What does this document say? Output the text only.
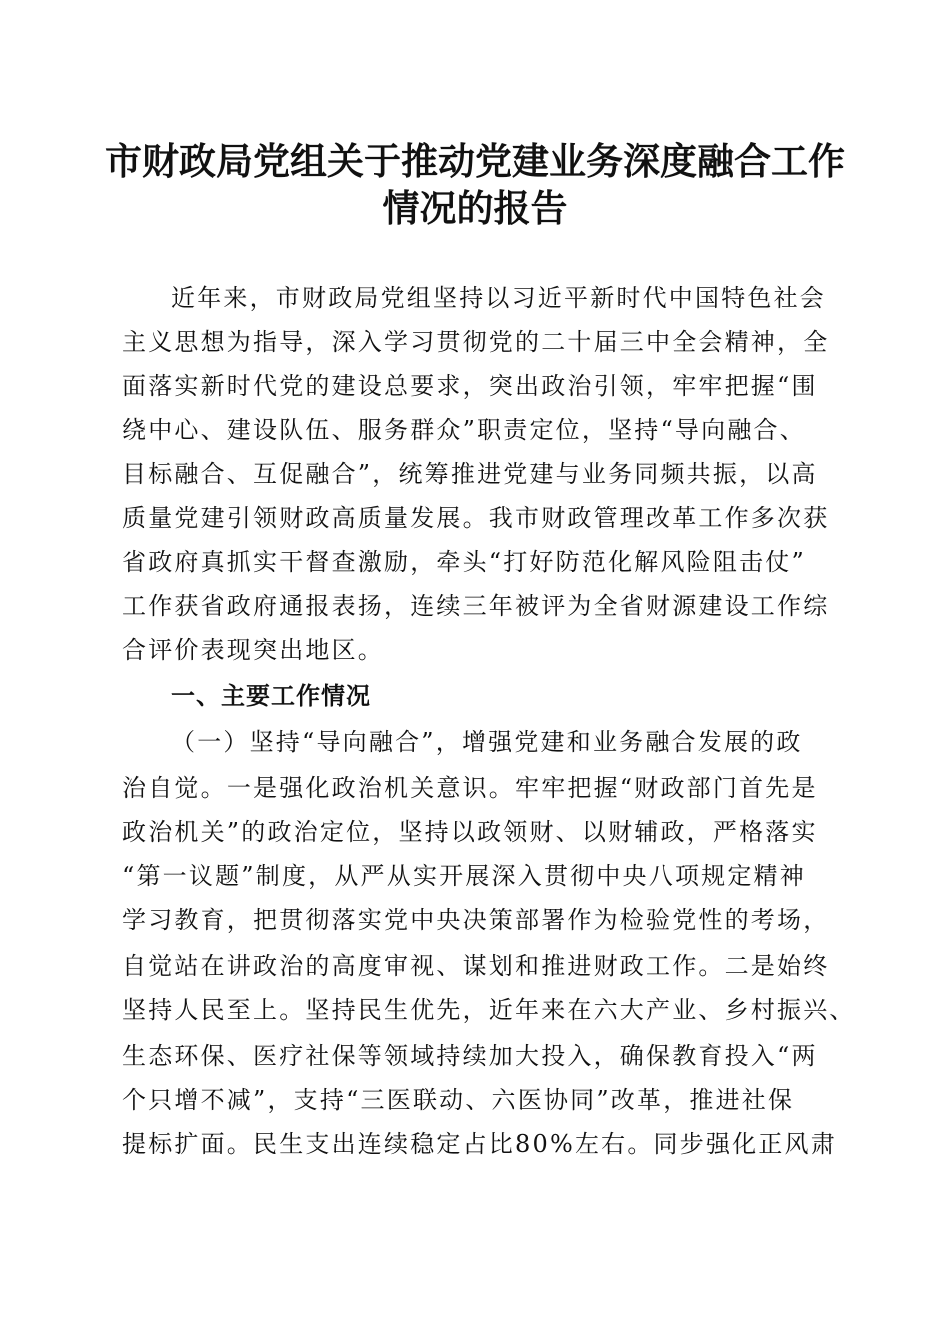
市财政局党组关于推动党建业务深度融合工作
情况的报告

近年来，市财政局党组坚持以习近平新时代中国特色社会

主义思想为指导，深入学习贯彻党的二十届三中全会精神，全

面落实新时代党的建设总要求，突出政治引领，牢牢把握“围

绕中心、建设队伍、服务群众”职责定位，坚持“导向融合、

目标融合、互促融合”，统筹推进党建与业务同频共振，以高

质量党建引领财政高质量发展。我市财政管理改革工作多次获

省政府真抓实干督查激励，牵头“打好防范化解风险阻击仗”

工作获省政府通报表扬，连续三年被评为全省财源建设工作综

合评价表现突出地区。

一、主要工作情况

（一）坚持“导向融合”，增强党建和业务融合发展的政

治自觉。一是强化政治机关意识。牢牢把握“财政部门首先是

政治机关”的政治定位，坚持以政领财、以财辅政，严格落实

“第一议题”制度，从严从实开展深入贯彻中央八项规定精神

学习教育，把贯彻落实党中央决策部署作为检验党性的考场，

自觉站在讲政治的高度审视、谋划和推进财政工作。二是始终

坚持人民至上。坚持民生优先，近年来在六大产业、乡村振兴、

生态环保、医疗社保等领域持续加大投入，确保教育投入“两

个只增不减”，支持“三医联动、六医协同”改革，推进社保

提标扩面。民生支出连续稳定占比80%左右。同步强化正风肃
